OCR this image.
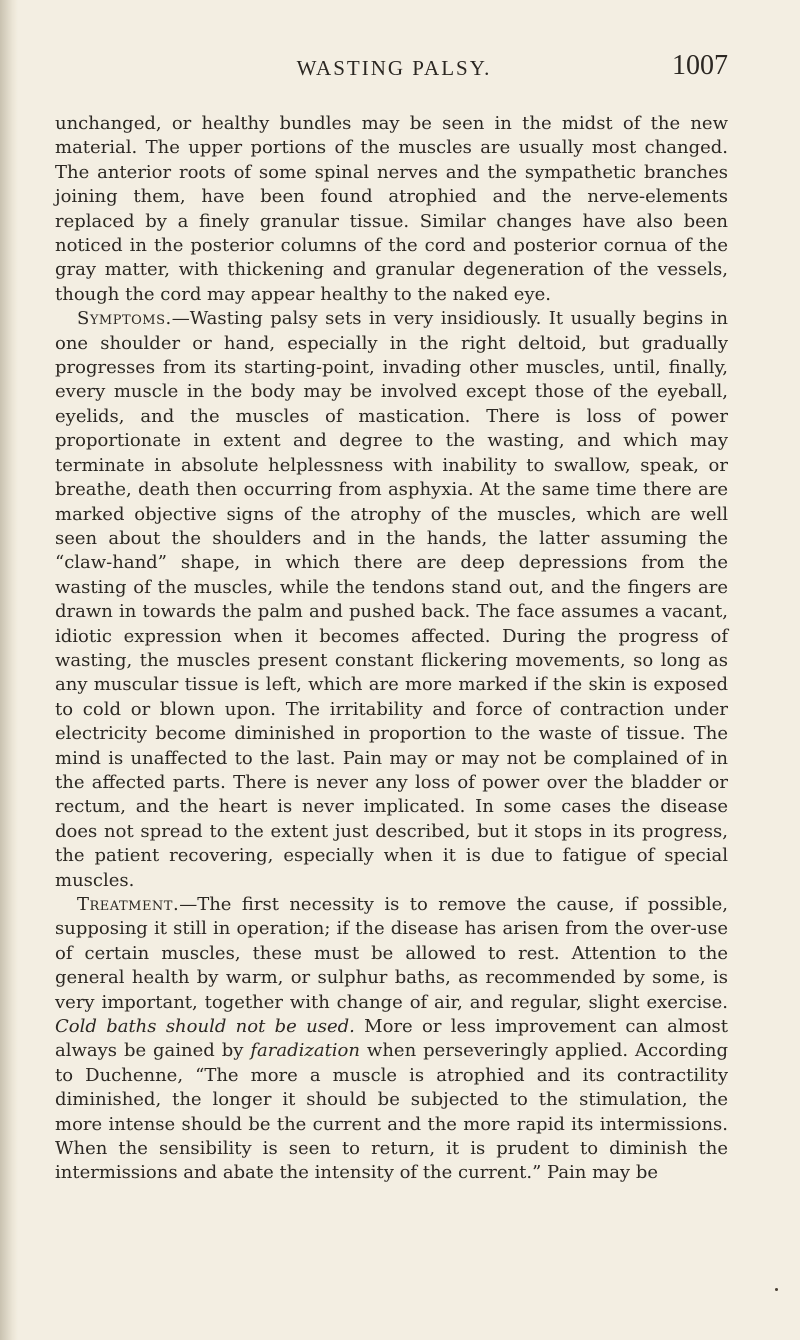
WASTING PALSY.	1007

unchanged, or healthy bundles may be seen in the midst of the new material. The upper portions of the muscles are usually most changed. The anterior roots of some spinal nerves and the sympathetic branches joining them, have been found atrophied and the nerve-elements replaced by a finely granular tissue. Similar changes have also been noticed in the posterior columns of the cord and posterior cornua of the gray matter, with thickening and granular degeneration of the vessels, though the cord may appear healthy to the naked eye.

Symptoms.—Wasting palsy sets in very insidiously. It usually begins in one shoulder or hand, especially in the right deltoid, but gradually progresses from its starting-point, invading other muscles, until, finally, every muscle in the body may be involved except those of the eyeball, eyelids, and the muscles of mastication. There is loss of power proportionate in extent and degree to the wasting, and which may terminate in absolute helplessness with inability to swallow, speak, or breathe, death then occurring from asphyxia. At the same time there are marked objective signs of the atrophy of the muscles, which are well seen about the shoulders and in the hands, the latter assuming the “claw-hand” shape, in which there are deep depressions from the wasting of the muscles, while the tendons stand out, and the fingers are drawn in towards the palm and pushed back. The face assumes a vacant, idiotic expression when it becomes affected. During the progress of wasting, the muscles present constant flickering movements, so long as any muscular tissue is left, which are more marked if the skin is exposed to cold or blown upon. The irritability and force of contraction under electricity become diminished in proportion to the waste of tissue. The mind is unaffected to the last. Pain may or may not be complained of in the affected parts. There is never any loss of power over the bladder or rectum, and the heart is never implicated. In some cases the disease does not spread to the extent just described, but it stops in its progress, the patient recovering, especially when it is due to fatigue of special muscles.

Treatment.—The first necessity is to remove the cause, if possible, supposing it still in operation; if the disease has arisen from the over-use of certain muscles, these must be allowed to rest. Attention to the general health by warm, or sulphur baths, as recommended by some, is very important, together with change of air, and regular, slight exercise. Cold baths should not be used. More or less improvement can almost always be gained by faradization when perseveringly applied. According to Duchenne, “The more a muscle is atrophied and its contractility diminished, the longer it should be subjected to the stimulation, the more intense should be the current and the more rapid its intermissions. When the sensibility is seen to return, it is prudent to diminish the intermissions and abate the intensity of the current.” Pain may be
